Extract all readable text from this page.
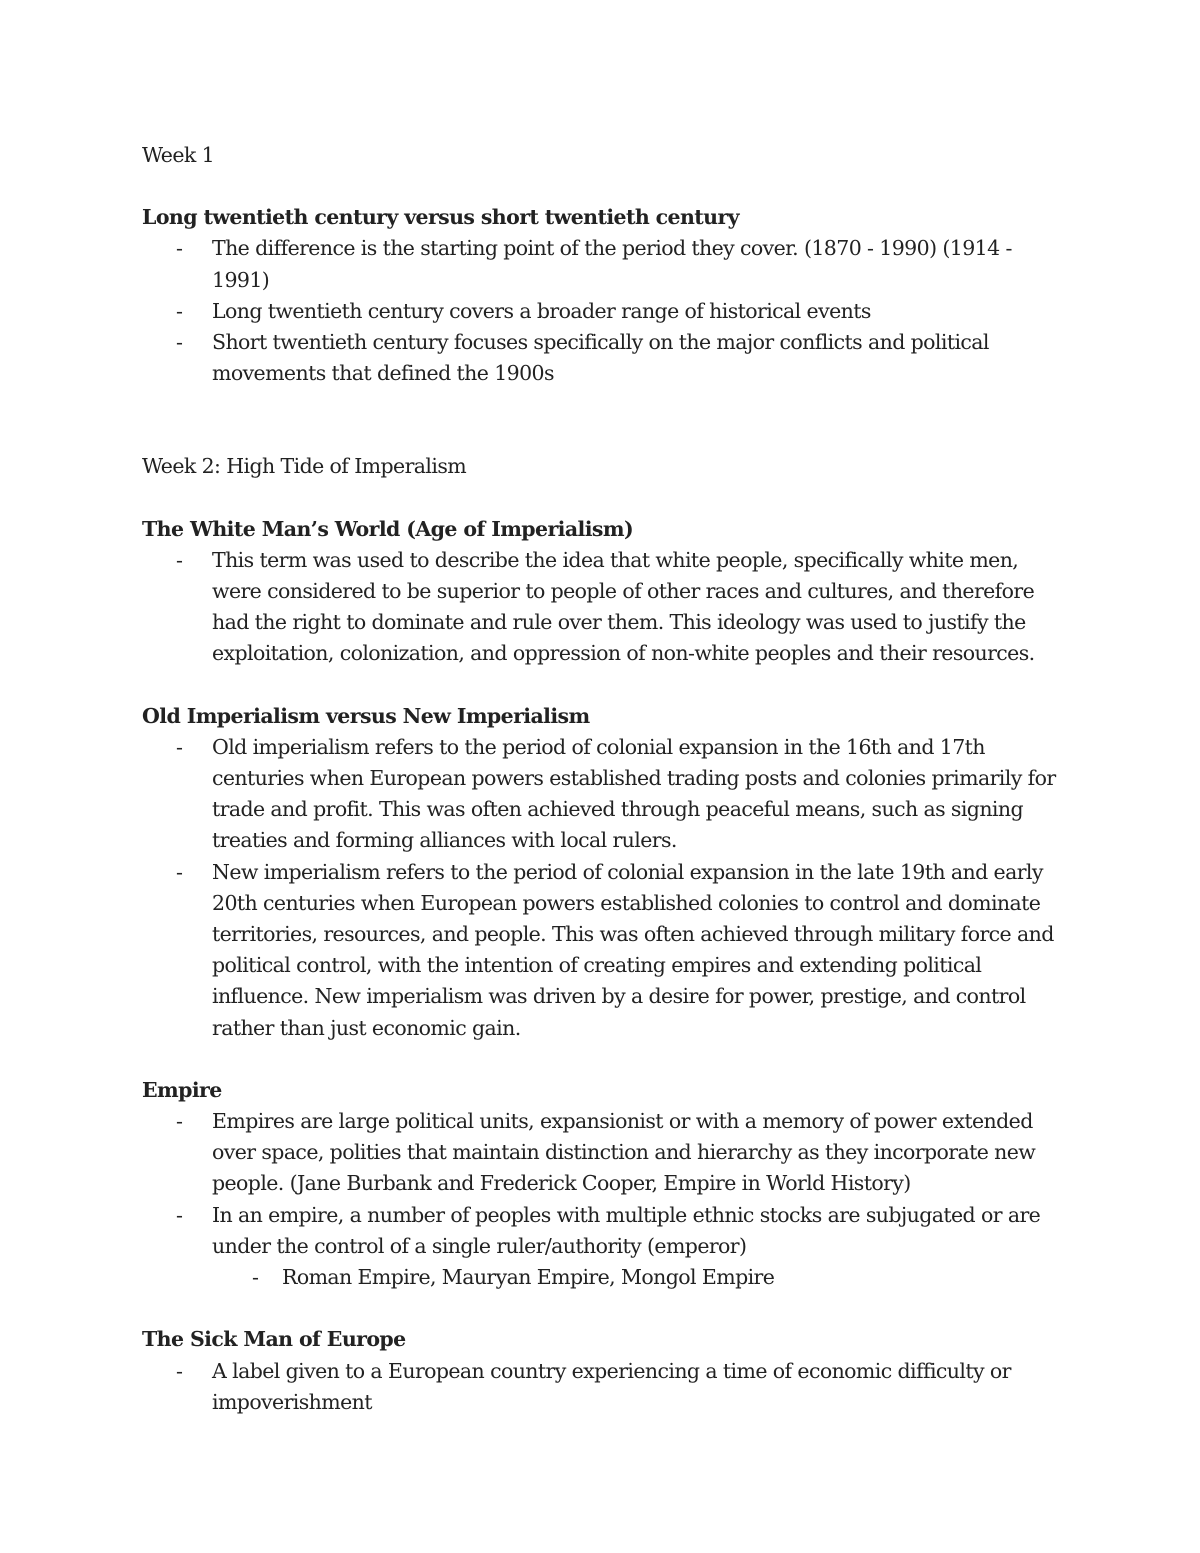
Week 1

Long twentieth century versus short twentieth century

- The difference is the starting point of the period they cover. (1870 - 1990) (1914 - 1991)
- Long twentieth century covers a broader range of historical events
- Short twentieth century focuses specifically on the major conflicts and political movements that defined the 1900s

Week 2: High Tide of Imperalism

The White Man’s World (Age of Imperialism)

- This term was used to describe the idea that white people, specifically white men, were considered to be superior to people of other races and cultures, and therefore had the right to dominate and rule over them. This ideology was used to justify the exploitation, colonization, and oppression of non-white peoples and their resources.

Old Imperialism versus New Imperialism

- Old imperialism refers to the period of colonial expansion in the 16th and 17th centuries when European powers established trading posts and colonies primarily for trade and profit. This was often achieved through peaceful means, such as signing treaties and forming alliances with local rulers.
- New imperialism refers to the period of colonial expansion in the late 19th and early 20th centuries when European powers established colonies to control and dominate territories, resources, and people. This was often achieved through military force and political control, with the intention of creating empires and extending political influence. New imperialism was driven by a desire for power, prestige, and control rather than just economic gain.

Empire

- Empires are large political units, expansionist or with a memory of power extended over space, polities that maintain distinction and hierarchy as they incorporate new people. (Jane Burbank and Frederick Cooper, Empire in World History)
- In an empire, a number of peoples with multiple ethnic stocks are subjugated or are under the control of a single ruler/authority (emperor)
- Roman Empire, Mauryan Empire, Mongol Empire

The Sick Man of Europe

- A label given to a European country experiencing a time of economic difficulty or impoverishment
